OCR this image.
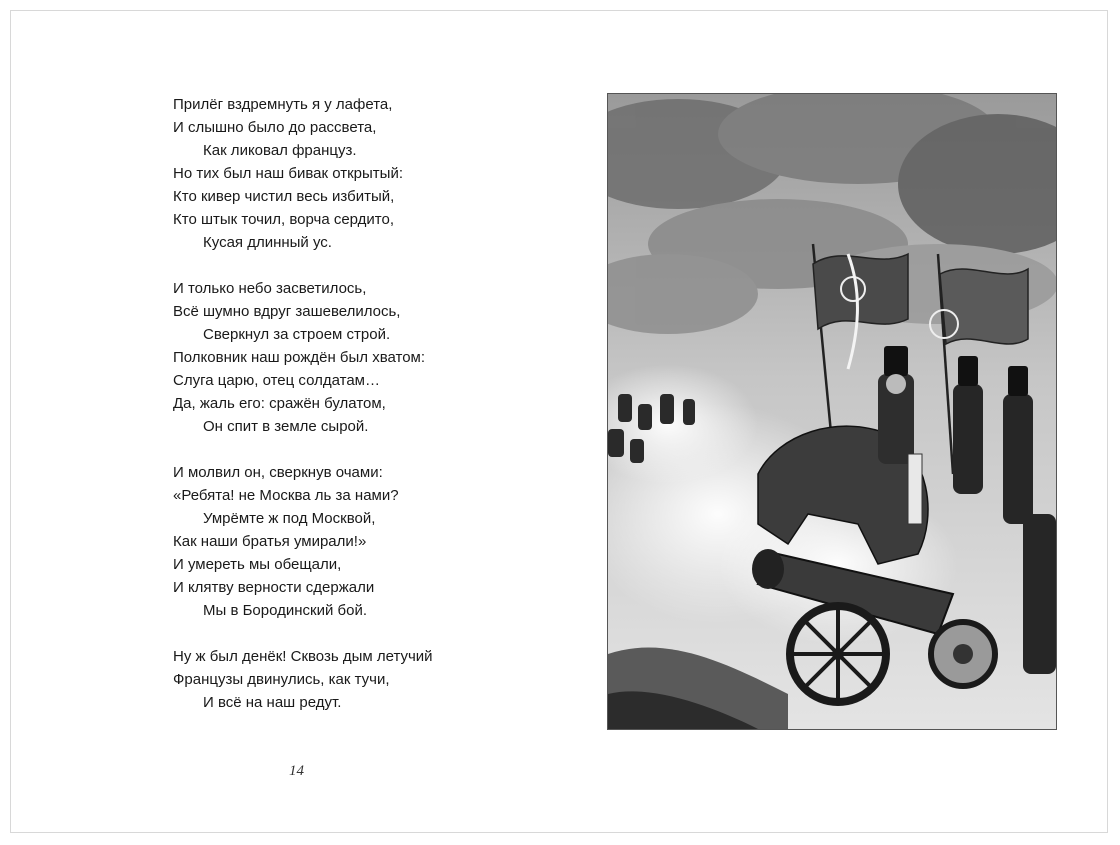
Прилёг вздремнуть я у лафета,
И слышно было до рассвета,
Как ликовал француз.
Но тих был наш бивак открытый:
Кто кивер чистил весь избитый,
Кто штык точил, ворча сердито,
Кусая длинный ус.
И только небо засветилось,
Всё шумно вдруг зашевелилось,
Сверкнул за строем строй.
Полковник наш рождён был хватом:
Слуга царю, отец солдатам…
Да, жаль его: сражён булатом,
Он спит в земле сырой.
И молвил он, сверкнув очами:
«Ребята! не Москва ль за нами?
Умрёмте ж под Москвой,
Как наши братья умирали!»
И умереть мы обещали,
И клятву верности сдержали
Мы в Бородинский бой.
Ну ж был денёк! Сквозь дым летучий
Французы двинулись, как тучи,
И всё на наш редут.
14
